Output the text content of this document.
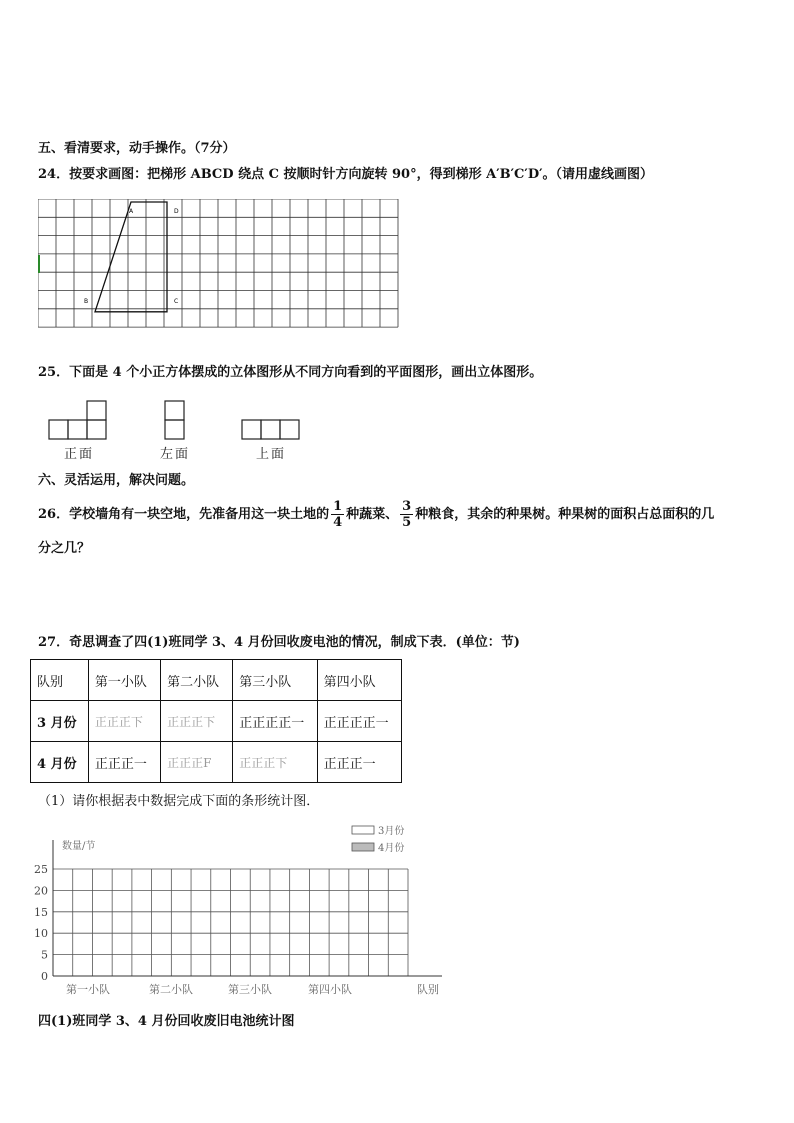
五、看清要求，动手操作。（7分）
24．按要求画图：把梯形 ABCD 绕点 C 按顺时针方向旋转 90°，得到梯形 A′B′C′D′。（请用虚线画图）
A	D
B	C
25．下面是 4 个小正方体摆成的立体图形从不同方向看到的平面图形，画出立体图形。
正面	左面	上面
六、灵活运用，解决问题。
26．学校墙角有一块空地，先准备用这一块土地的 $\frac{1}{4}$ 种蔬菜、 $\frac{3}{5}$ 种粮食，其余的种果树。种果树的面积占总面积的几
分之几？
27．奇思调查了四(1)班同学 3、4 月份回收废电池的情况，制成下表．(单位：节)
队别	第一小队	第二小队	第三小队	第四小队
3 月份	正正正下	正正正下	正正正正一	正正正正一
4 月份	正正正一	正正正F	正正正下	正正正一
（1）请你根据表中数据完成下面的条形统计图．
0
5
10
15
20
25
数量/节
第一小队	第二小队	第三小队	第四小队	队别
3月份
4月份
四(1)班同学 3、4 月份回收废旧电池统计图
